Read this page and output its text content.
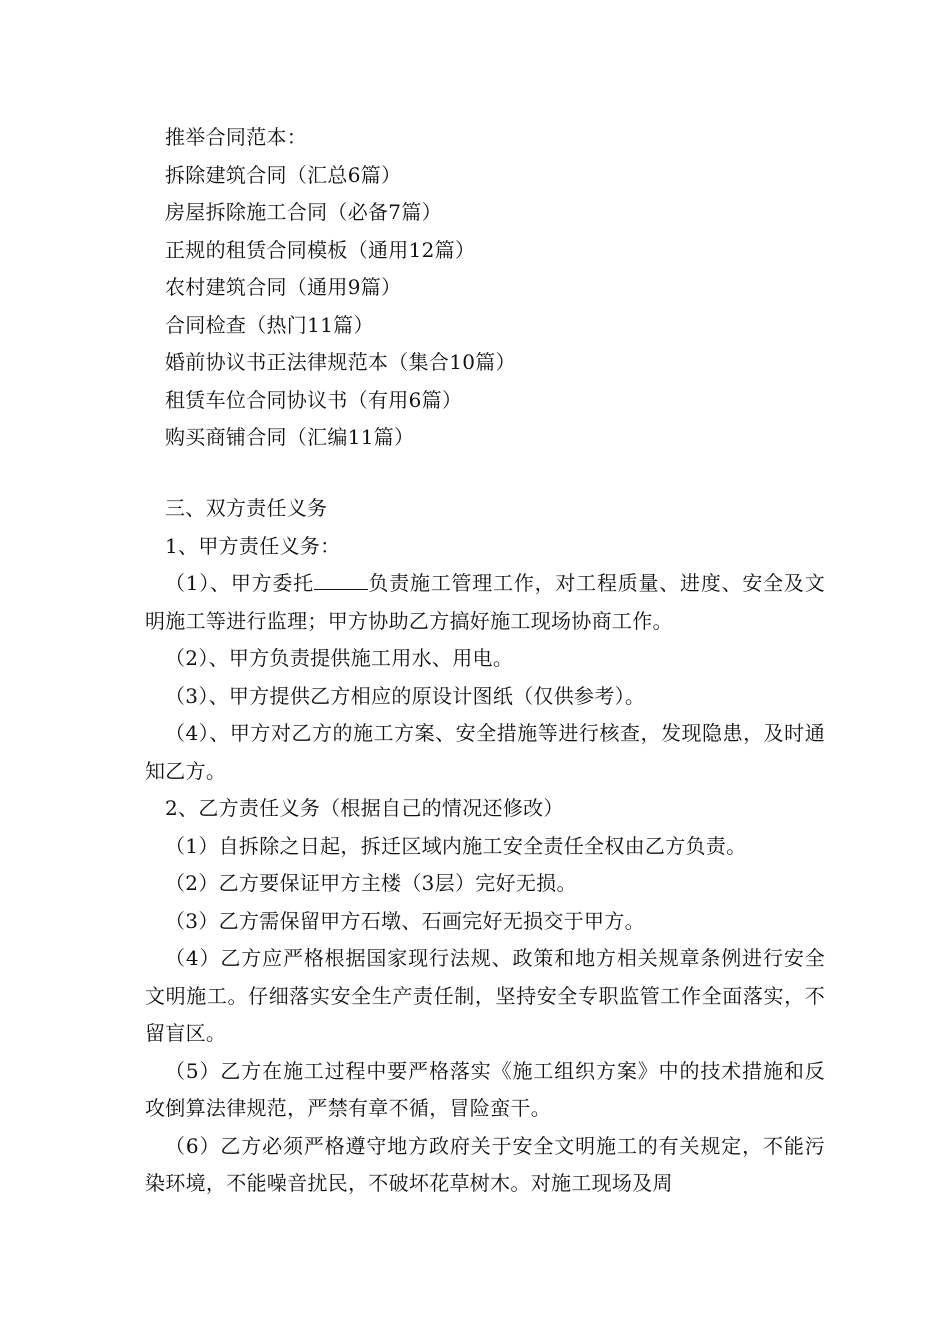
推举合同范本：
拆除建筑合同（汇总6篇）
房屋拆除施工合同（必备7篇）
正规的租赁合同模板（通用12篇）
农村建筑合同（通用9篇）
合同检查（热门11篇）
婚前协议书正法律规范本（集合10篇）
租赁车位合同协议书（有用6篇）
购买商铺合同（汇编11篇）
三、双方责任义务
1、甲方责任义务：
（1）、甲方委托	负责施工管理工作，对工程质量、进度、安全及文明施工等进行监理；甲方协助乙方搞好施工现场协商工作。
（2）、甲方负责提供施工用水、用电。
（3）、甲方提供乙方相应的原设计图纸（仅供参考）。
（4）、甲方对乙方的施工方案、安全措施等进行核查，发现隐患，及时通知乙方。
2、乙方责任义务（根据自己的情况还修改）
（1）自拆除之日起，拆迁区域内施工安全责任全权由乙方负责。
（2）乙方要保证甲方主楼（3层）完好无损。
（3）乙方需保留甲方石墩、石画完好无损交于甲方。
（4）乙方应严格根据国家现行法规、政策和地方相关规章条例进行安全文明施工。仔细落实安全生产责任制，坚持安全专职监管工作全面落实，不留盲区。
（5）乙方在施工过程中要严格落实《施工组织方案》中的技术措施和反攻倒算法律规范，严禁有章不循，冒险蛮干。
（6）乙方必须严格遵守地方政府关于安全文明施工的有关规定，不能污染环境，不能噪音扰民，不破坏花草树木。对施工现场及周
